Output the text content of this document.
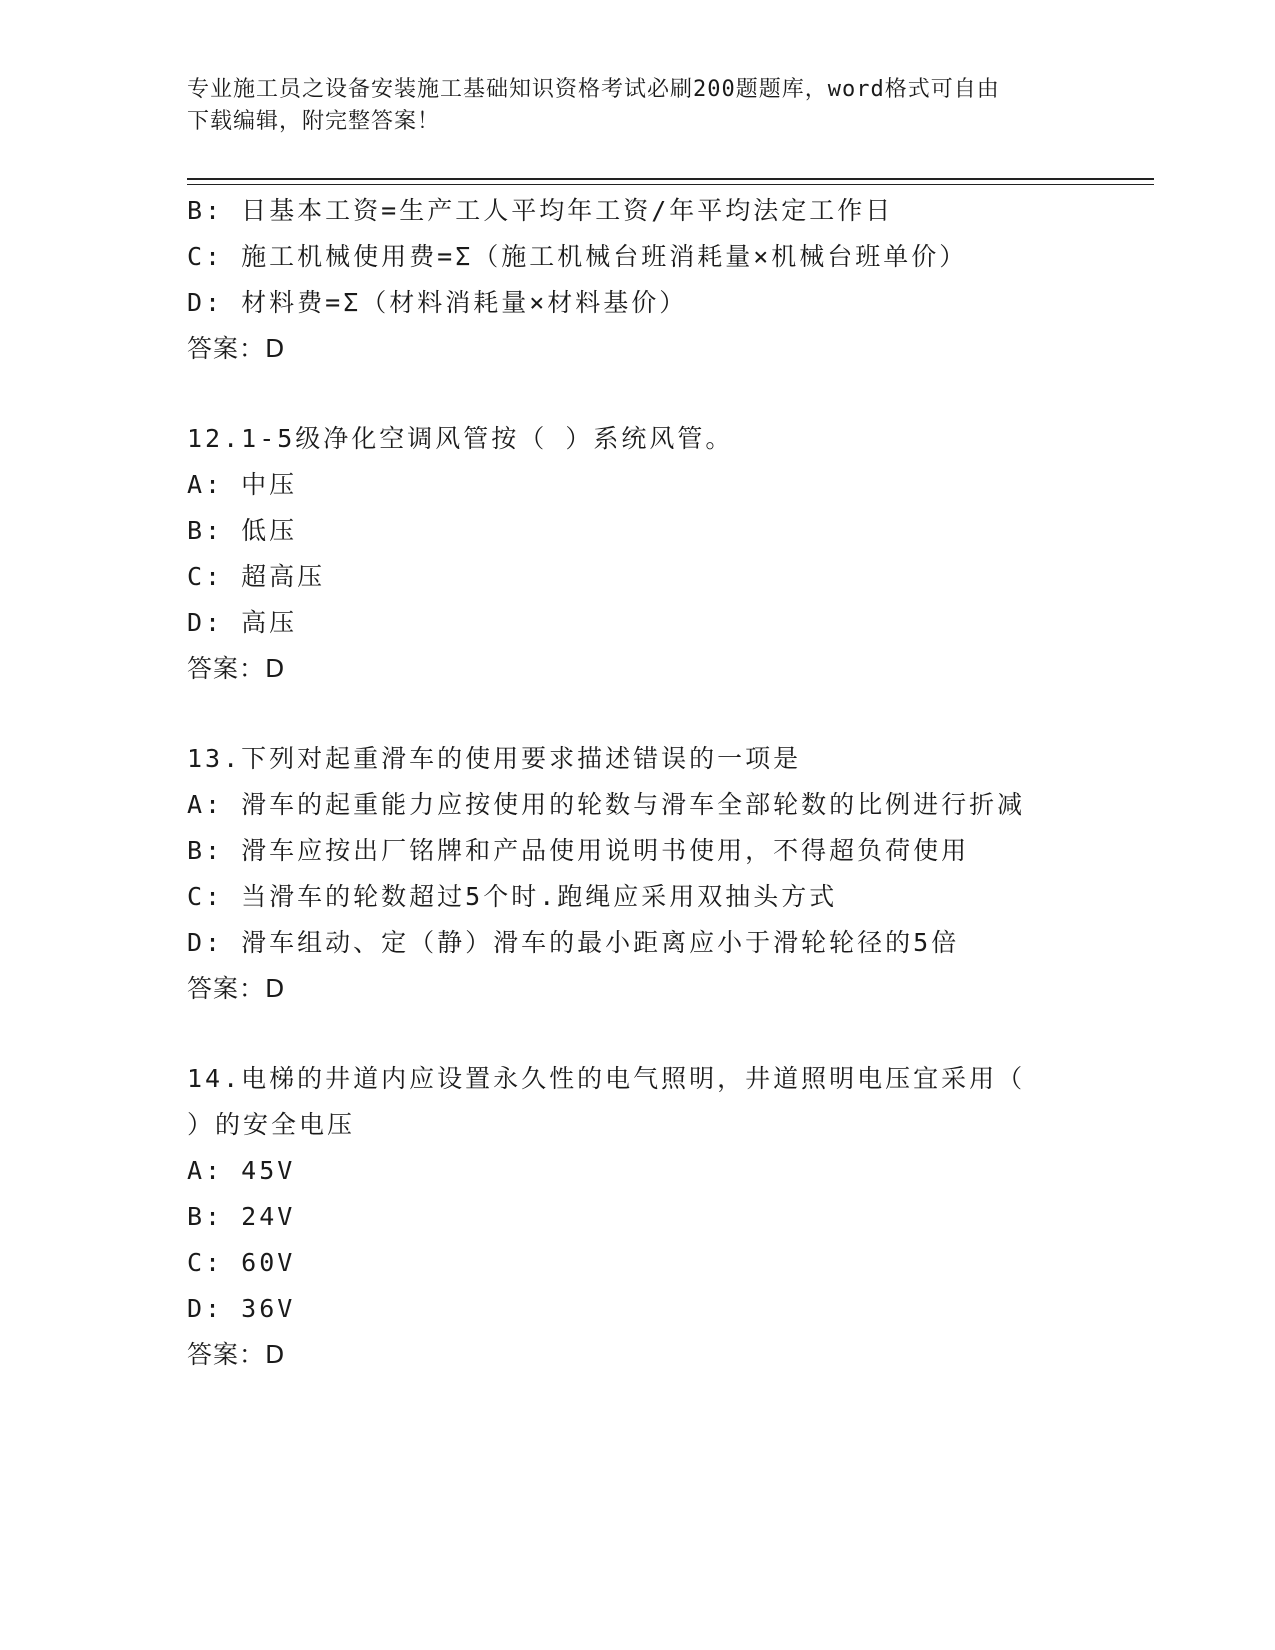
专业施工员之设备安装施工基础知识资格考试必刷200题题库，word格式可自由
下载编辑，附完整答案！
B: 日基本工资=生产工人平均年工资/年平均法定工作日
C: 施工机械使用费=Σ（施工机械台班消耗量×机械台班单价）
D: 材料费=Σ（材料消耗量×材料基价）
答案：D
12.1-5级净化空调风管按（ ）系统风管。
A: 中压
B: 低压
C: 超高压
D: 高压
答案：D
13.下列对起重滑车的使用要求描述错误的一项是
A: 滑车的起重能力应按使用的轮数与滑车全部轮数的比例进行折减
B: 滑车应按出厂铭牌和产品使用说明书使用，不得超负荷使用
C: 当滑车的轮数超过5个时.跑绳应采用双抽头方式
D: 滑车组动、定（静）滑车的最小距离应小于滑轮轮径的5倍
答案：D
14.电梯的井道内应设置永久性的电气照明，井道照明电压宜采用（
）的安全电压
A: 45V
B: 24V
C: 60V
D: 36V
答案：D
